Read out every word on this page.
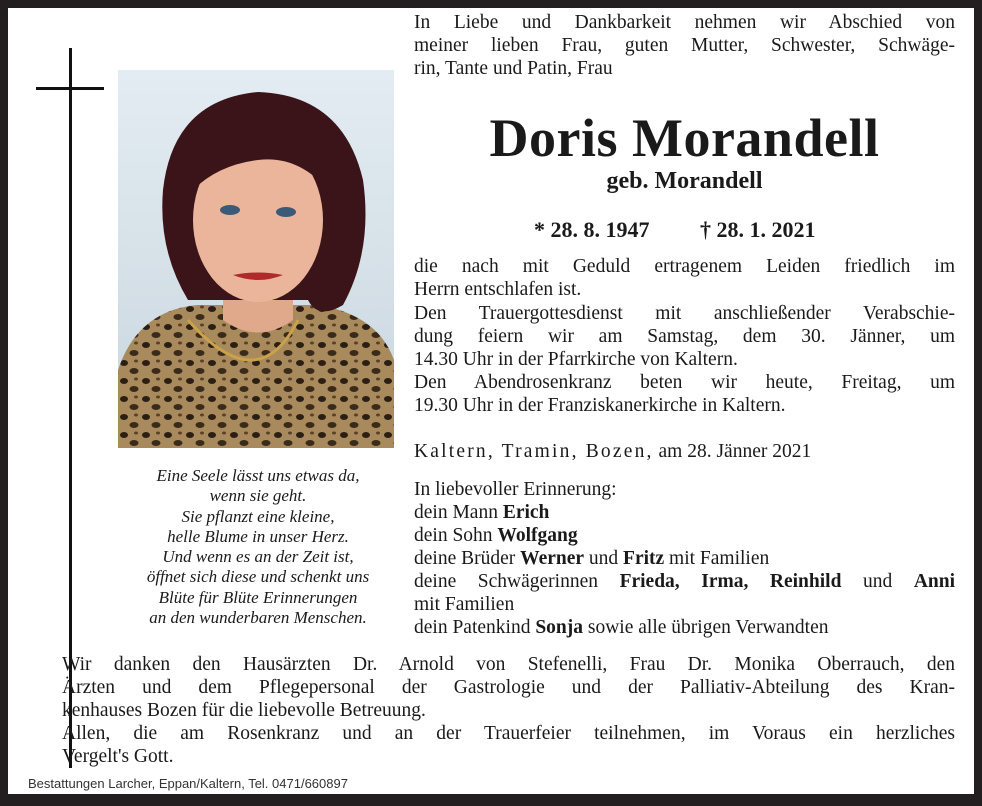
Eine Seele lässt uns etwas da,
wenn sie geht.
Sie pflanzt eine kleine,
helle Blume in unser Herz.
Und wenn es an der Zeit ist,
öffnet sich diese und schenkt uns
Blüte für Blüte Erinnerungen
an den wunderbaren Menschen.
In Liebe und Dankbarkeit nehmen wir Abschied von
meiner lieben Frau, guten Mutter, Schwester, Schwäge-
rin, Tante und Patin, Frau
die nach mit Geduld ertragenem Leiden friedlich im
Herrn entschlafen ist.
Den Trauergottesdienst mit anschließender Verabschie-
dung feiern wir am Samstag, dem 30. Jänner, um
14.30 Uhr in der Pfarrkirche von Kaltern.
Den Abendrosenkranz beten wir heute, Freitag, um
19.30 Uhr in der Franziskanerkirche in Kaltern.
Wir danken den Hausärzten Dr. Arnold von Stefenelli, Frau Dr. Monika Oberrauch, den
Ärzten und dem Pflegepersonal der Gastrologie und der Palliativ-Abteilung des Kran-
kenhauses Bozen für die liebevolle Betreuung.
Allen, die am Rosenkranz und an der Trauerfeier teilnehmen, im Voraus ein herzliches
Vergelt's Gott.
Kaltern, Tramin, Bozen, am 28. Jänner 2021
In liebevoller Erinnerung:
dein Mann Erich
dein Sohn Wolfgang
deine Brüder Werner und Fritz mit Familien
deine Schwägerinnen Frieda, Irma, Reinhild und Anni
mit Familien
dein Patenkind Sonja sowie alle übrigen Verwandten
Doris Morandell
geb. Morandell
* 28. 8. 1947 † 28. 1. 2021
Bestattungen Larcher, Eppan/Kaltern, Tel. 0471/660897
